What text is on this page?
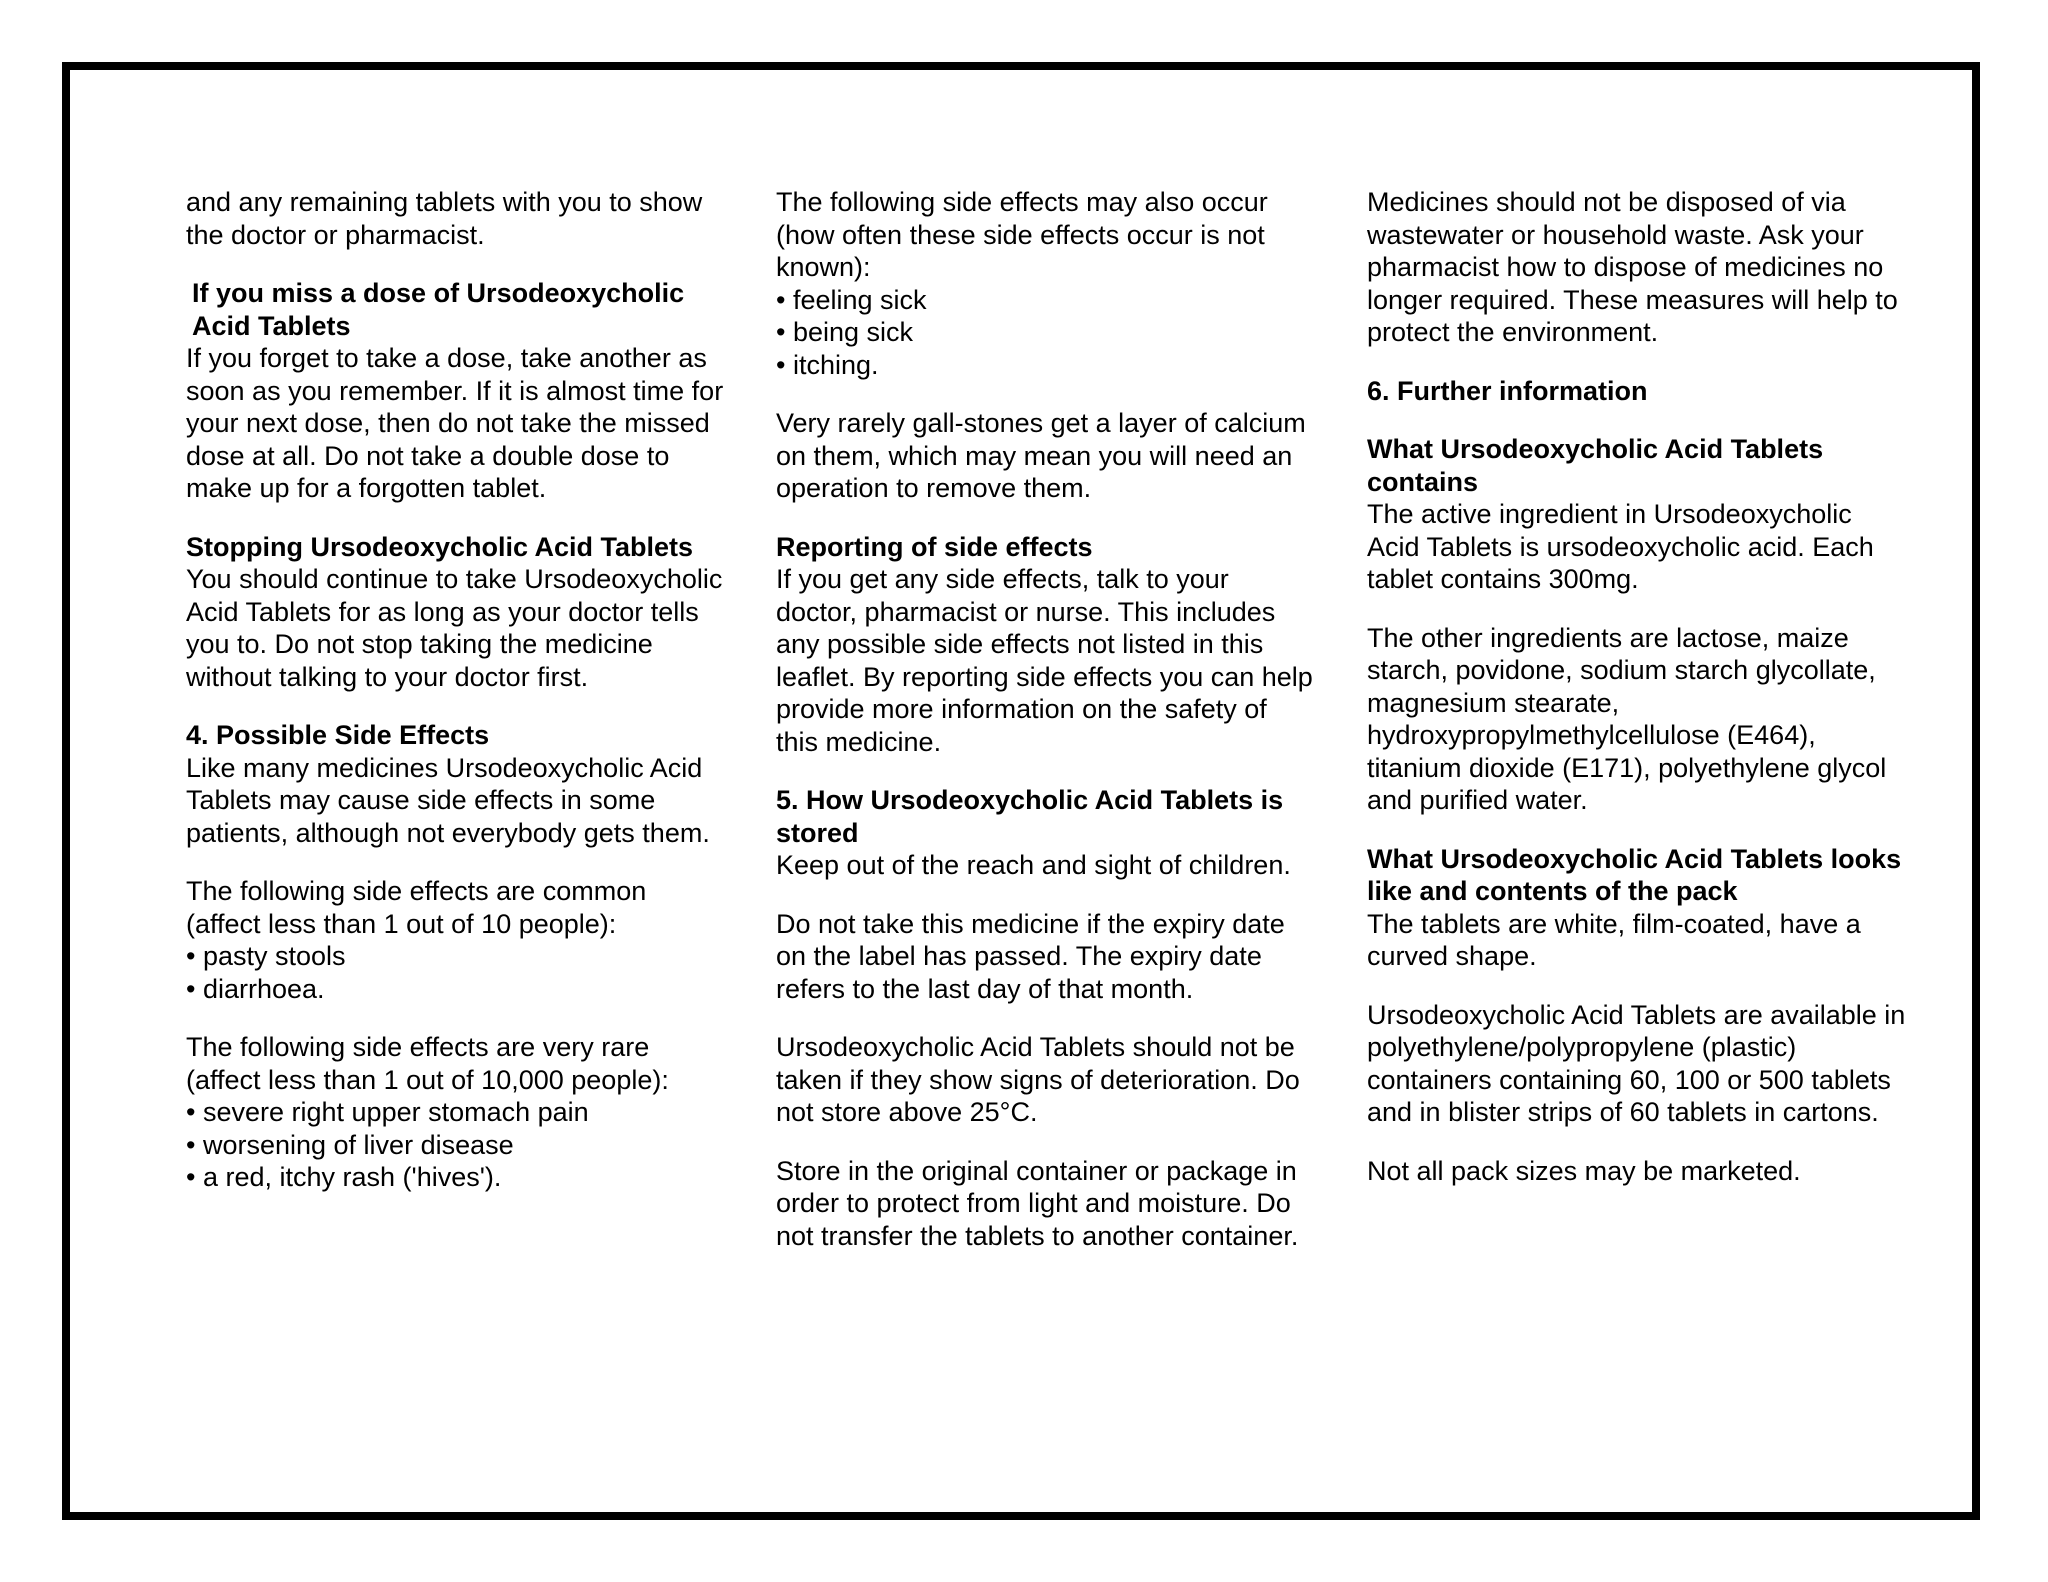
and any remaining tablets with you to show the doctor or pharmacist.

If you miss a dose of Ursodeoxycholic Acid Tablets

If you forget to take a dose, take another as soon as you remember. If it is almost time for your next dose, then do not take the missed dose at all. Do not take a double dose to make up for a forgotten tablet.

Stopping Ursodeoxycholic Acid Tablets

You should continue to take Ursodeoxycholic Acid Tablets for as long as your doctor tells you to. Do not stop taking the medicine without talking to your doctor first.

4. Possible Side Effects

Like many medicines Ursodeoxycholic Acid Tablets may cause side effects in some patients, although not everybody gets them.

The following side effects are common (affect less than 1 out of 10 people):

• pasty stools
• diarrhoea.

The following side effects are very rare (affect less than 1 out of 10,000 people):

• severe right upper stomach pain
• worsening of liver disease
• a red, itchy rash ('hives').

The following side effects may also occur (how often these side effects occur is not known):

• feeling sick
• being sick
• itching.

Very rarely gall-stones get a layer of calcium on them, which may mean you will need an operation to remove them.

Reporting of side effects

If you get any side effects, talk to your doctor, pharmacist or nurse. This includes any possible side effects not listed in this leaflet. By reporting side effects you can help provide more information on the safety of this medicine.

5. How Ursodeoxycholic Acid Tablets is stored

Keep out of the reach and sight of children.

Do not take this medicine if the expiry date on the label has passed. The expiry date refers to the last day of that month.

Ursodeoxycholic Acid Tablets should not be taken if they show signs of deterioration. Do not store above 25°C.

Store in the original container or package in order to protect from light and moisture. Do not transfer the tablets to another container.

Medicines should not be disposed of via wastewater or household waste. Ask your pharmacist how to dispose of medicines no longer required. These measures will help to protect the environment.

6. Further information

What Ursodeoxycholic Acid Tablets contains

The active ingredient in Ursodeoxycholic Acid Tablets is ursodeoxycholic acid. Each tablet contains 300mg.

The other ingredients are lactose, maize starch, povidone, sodium starch glycollate, magnesium stearate, hydroxypropylmethylcellulose (E464), titanium dioxide (E171), polyethylene glycol and purified water.

What Ursodeoxycholic Acid Tablets looks like and contents of the pack

The tablets are white, film-coated, have a curved shape.

Ursodeoxycholic Acid Tablets are available in polyethylene/polypropylene (plastic) containers containing 60, 100 or 500 tablets and in blister strips of 60 tablets in cartons.

Not all pack sizes may be marketed.
